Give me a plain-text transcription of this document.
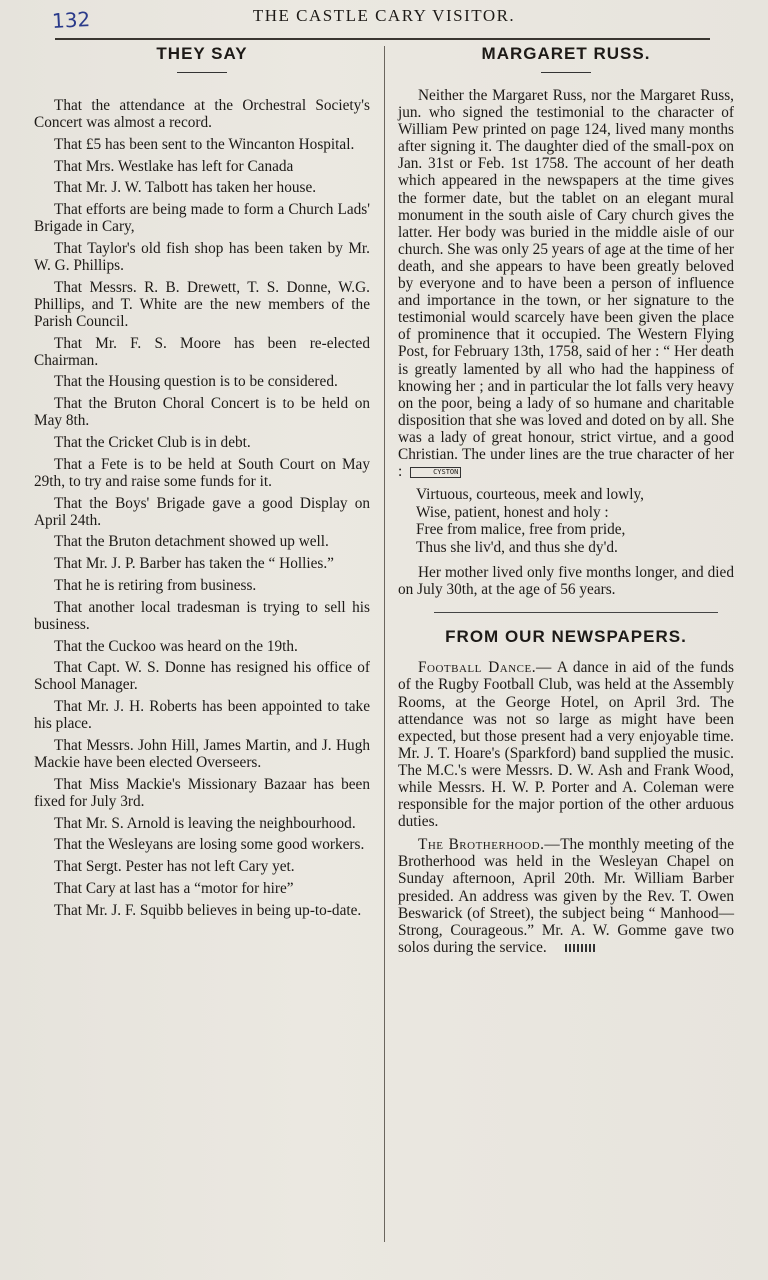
132	THE CASTLE CARY VISITOR.
THEY SAY

That the attendance at the Orchestral Society's Concert was almost a record.

That £5 has been sent to the Wincanton Hospital.

That Mrs. Westlake has left for Canada

That Mr. J. W. Talbott has taken her house.

That efforts are being made to form a Church Lads' Brigade in Cary,

That Taylor's old fish shop has been taken by Mr. W. G. Phillips.

That Messrs. R. B. Drewett, T. S. Donne, W.G. Phillips, and T. White are the new members of the Parish Council.

That Mr. F. S. Moore has been re-elected Chairman.

That the Housing question is to be considered.

That the Bruton Choral Concert is to be held on May 8th.

That the Cricket Club is in debt.

That a Fete is to be held at South Court on May 29th, to try and raise some funds for it.

That the Boys' Brigade gave a good Display on April 24th.

That the Bruton detachment showed up well.

That Mr. J. P. Barber has taken the “ Hollies.”

That he is retiring from business.

That another local tradesman is trying to sell his business.

That the Cuckoo was heard on the 19th.

That Capt. W. S. Donne has resigned his office of School Manager.

That Mr. J. H. Roberts has been appointed to take his place.

That Messrs. John Hill, James Martin, and J. Hugh Mackie have been elected Overseers.

That Miss Mackie's Missionary Bazaar has been fixed for July 3rd.

That Mr. S. Arnold is leaving the neighbourhood.

That the Wesleyans are losing some good workers.

That Sergt. Pester has not left Cary yet.

That Cary at last has a “motor for hire”

That Mr. J. F. Squibb believes in being up-to-date.

MARGARET RUSS.

Neither the Margaret Russ, nor the Margaret Russ, jun. who signed the testimonial to the character of William Pew printed on page 124, lived many months after signing it. The daughter died of the small-pox on Jan. 31st or Feb. 1st 1758. The account of her death which appeared in the newspapers at the time gives the former date, but the tablet on an elegant mural monument in the south aisle of Cary church gives the latter. Her body was buried in the middle aisle of our church. She was only 25 years of age at the time of her death, and she appears to have been greatly beloved by everyone and to have been a person of influence and importance in the town, or her signature to the testimonial would scarcely have been given the place of prominence that it occupied. The Western Flying Post, for February 13th, 1758, said of her : “ Her death is greatly lamented by all who had the happiness of knowing her ; and in particular the lot falls very heavy on the poor, being a lady of so humane and charitable disposition that she was loved and doted on by all. She was a lady of great honour, strict virtue, and a good Christian. The under lines are the true character of her :	CYSTON

Virtuous, courteous, meek and lowly,
Wise, patient, honest and holy :
Free from malice, free from pride,
Thus she liv'd, and thus she dy'd.

Her mother lived only five months longer, and died on July 30th, at the age of 56 years.

FROM OUR NEWSPAPERS.

Football Dance.— A dance in aid of the funds of the Rugby Football Club, was held at the Assembly Rooms, at the George Hotel, on April 3rd. The attendance was not so large as might have been expected, but those present had a very enjoyable time. Mr. J. T. Hoare's (Sparkford) band supplied the music. The M.C.'s were Messrs. D. W. Ash and Frank Wood, while Messrs. H. W. P. Porter and A. Coleman were responsible for the major portion of the other arduous duties.

The Brotherhood.—The monthly meeting of the Brotherhood was held in the Wesleyan Chapel on Sunday afternoon, April 20th. Mr. William Barber presided. An address was given by the Rev. T. Owen Beswarick (of Street), the subject being “ Manhood—Strong, Courageous.” Mr. A. W. Gomme gave two solos during the service.
